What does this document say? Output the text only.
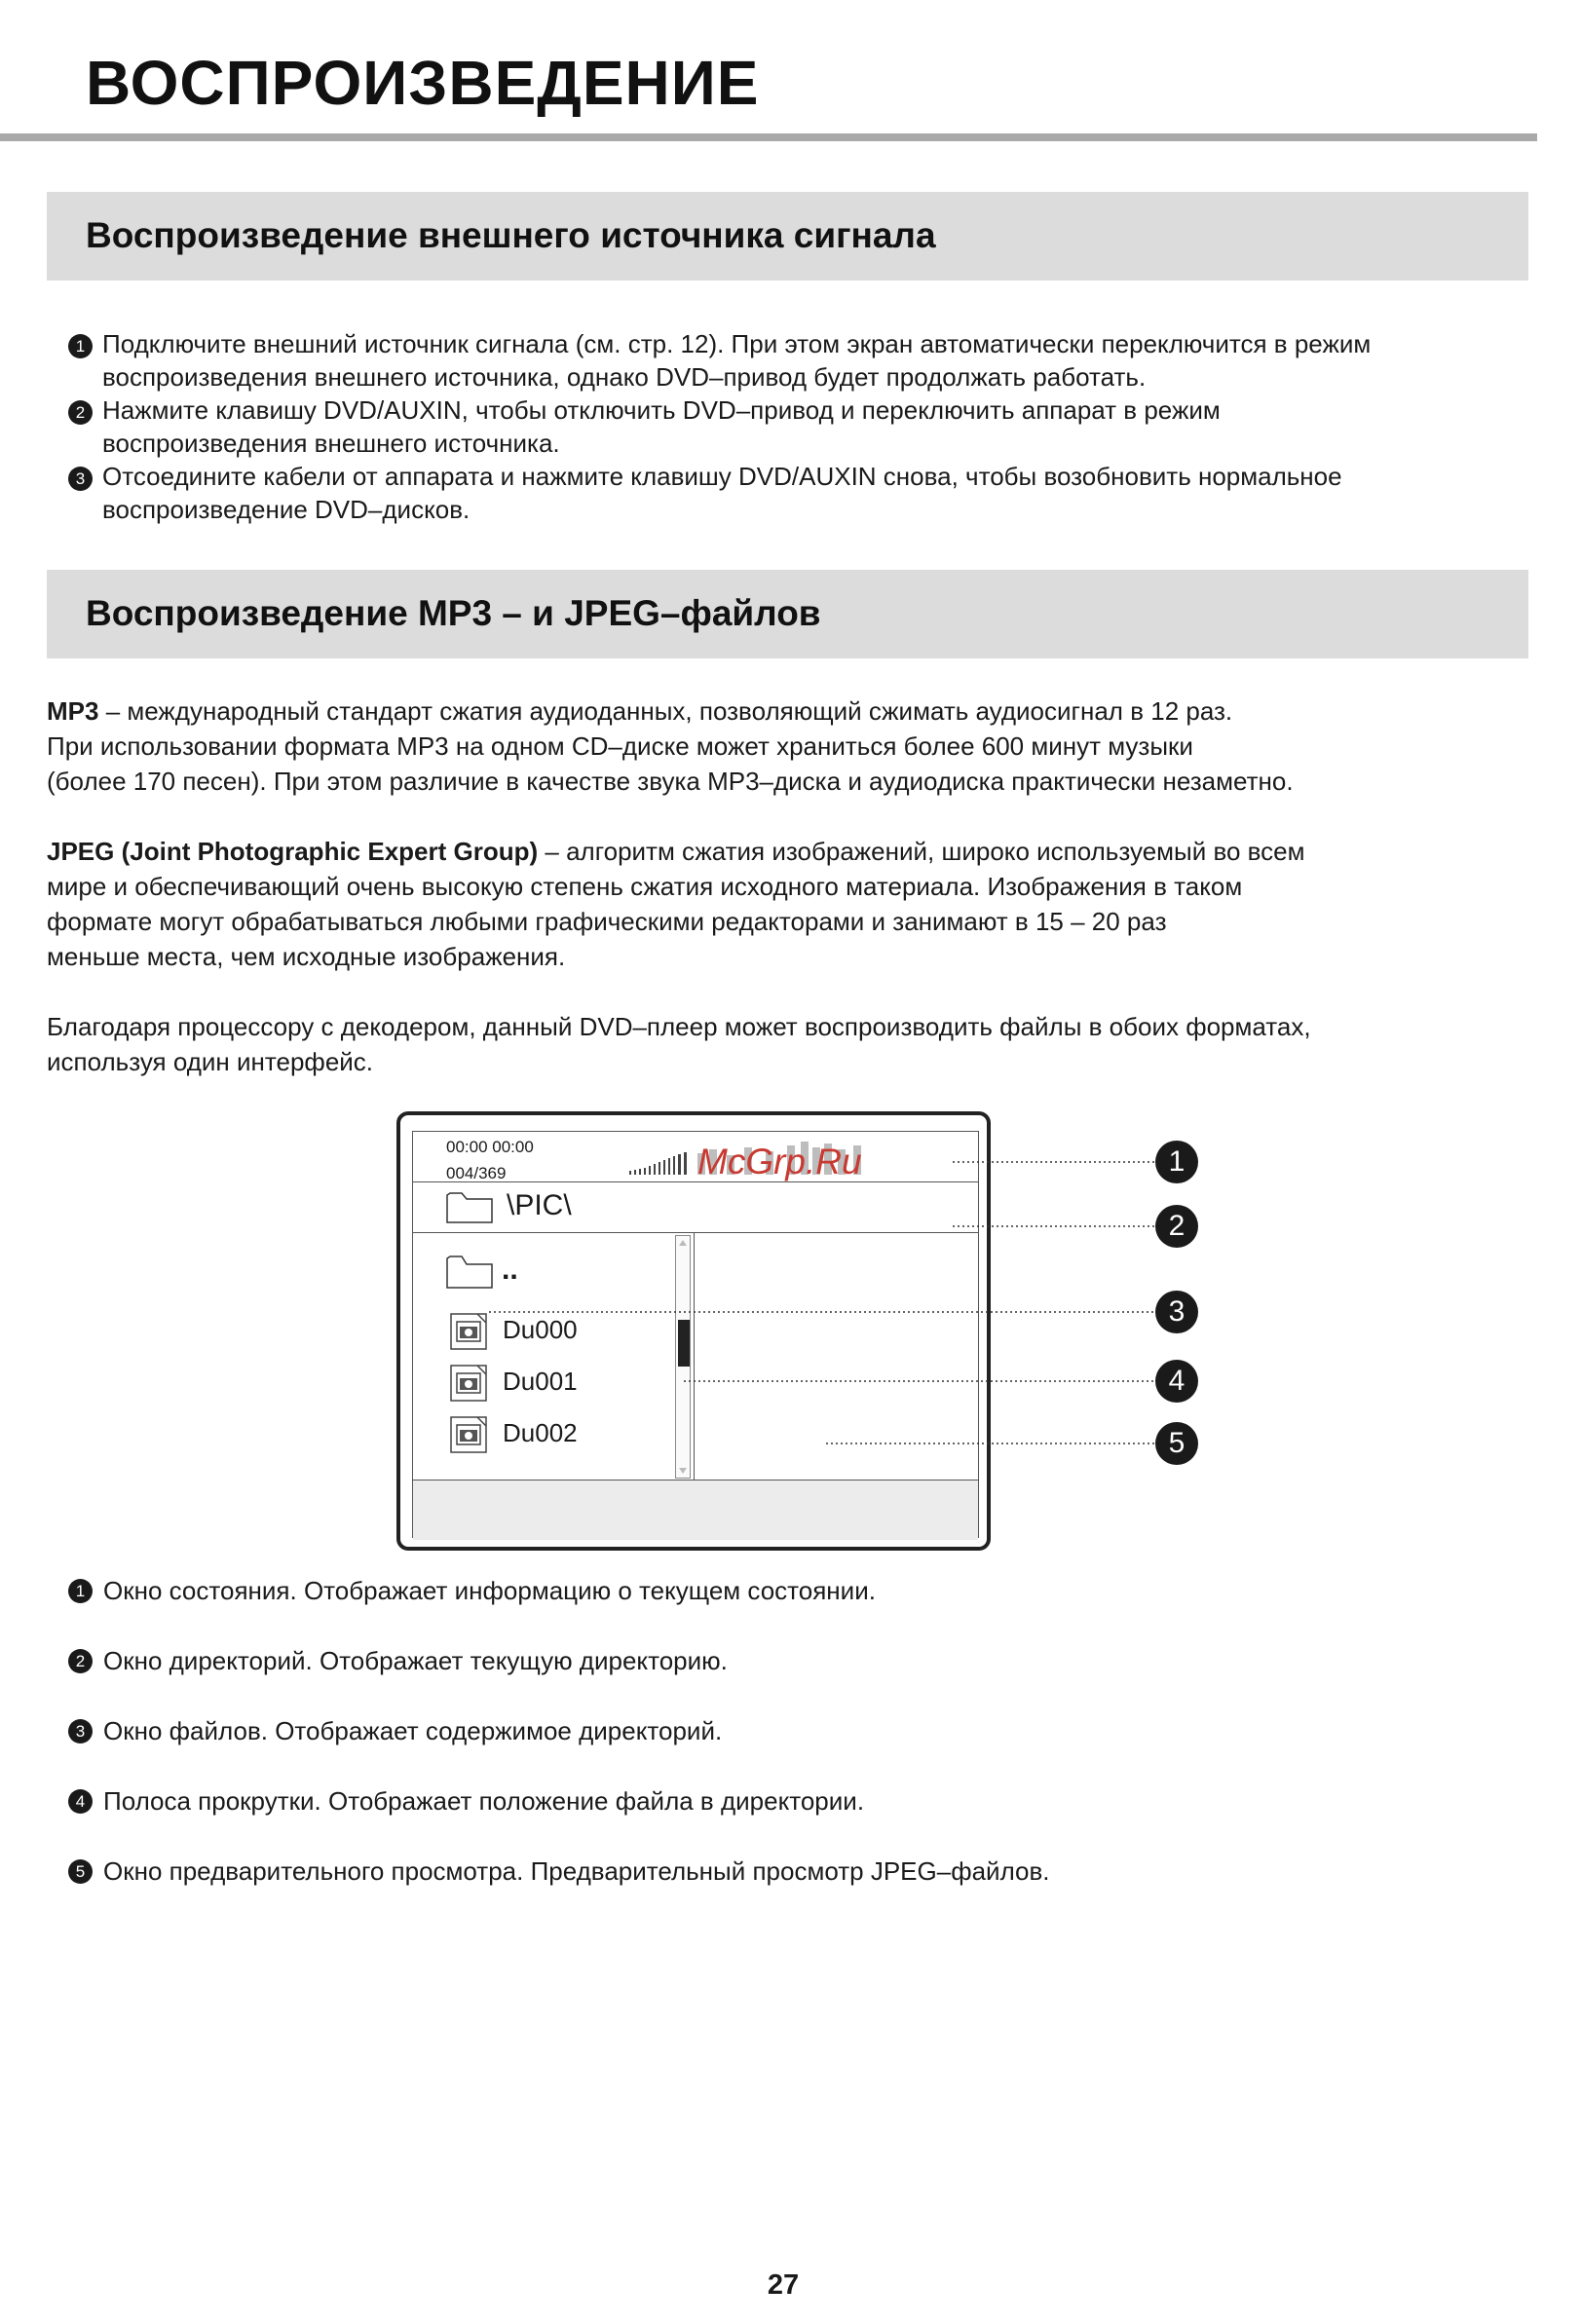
ВОСПРОИЗВЕДЕНИЕ
Воспроизведение внешнего источника сигнала
1 Подключите внешний источник сигнала (см. стр. 12). При этом экран автоматически переключится в режим
воспроизведения внешнего источника, однако DVD–привод будет продолжать работать.
2 Нажмите клавишу DVD/AUXIN, чтобы отключить DVD–привод и переключить аппарат в режим
воспроизведения внешнего источника.
3 Отсоедините кабели от аппарата и нажмите клавишу DVD/AUXIN снова, чтобы возобновить нормальное
воспроизведение DVD–дисков.
Воспроизведение MP3 – и JPEG–файлов
MP3 – международный стандарт сжатия аудиоданных, позволяющий сжимать аудиосигнал в 12 раз.
При использовании формата MP3 на одном CD–диске может храниться более 600 минут музыки
(более 170 песен). При этом различие в качестве звука MP3–диска и аудиодиска практически незаметно.
JPEG (Joint Photographic Expert Group) – алгоритм сжатия изображений, широко используемый во всем
мире и обеспечивающий очень высокую степень сжатия исходного материала. Изображения в таком
формате могут обрабатываться любыми графическими редакторами и занимают в 15 – 20 раз
меньше места, чем исходные изображения.
Благодаря процессору с декодером, данный DVD–плеер может воспроизводить файлы в обоих форматах,
используя один интерфейс.
00:00 00:00
004/369	McGrp.Ru
\PIC\
..
Du000
Du001
Du002
1
2
3
4
5
1 Окно состояния. Отображает информацию о текущем состоянии.
2 Окно директорий. Отображает текущую директорию.
3 Окно файлов. Отображает содержимое директорий.
4 Полоса прокрутки. Отображает положение файла в директории.
5 Окно предварительного просмотра. Предварительный просмотр JPEG–файлов.
27
